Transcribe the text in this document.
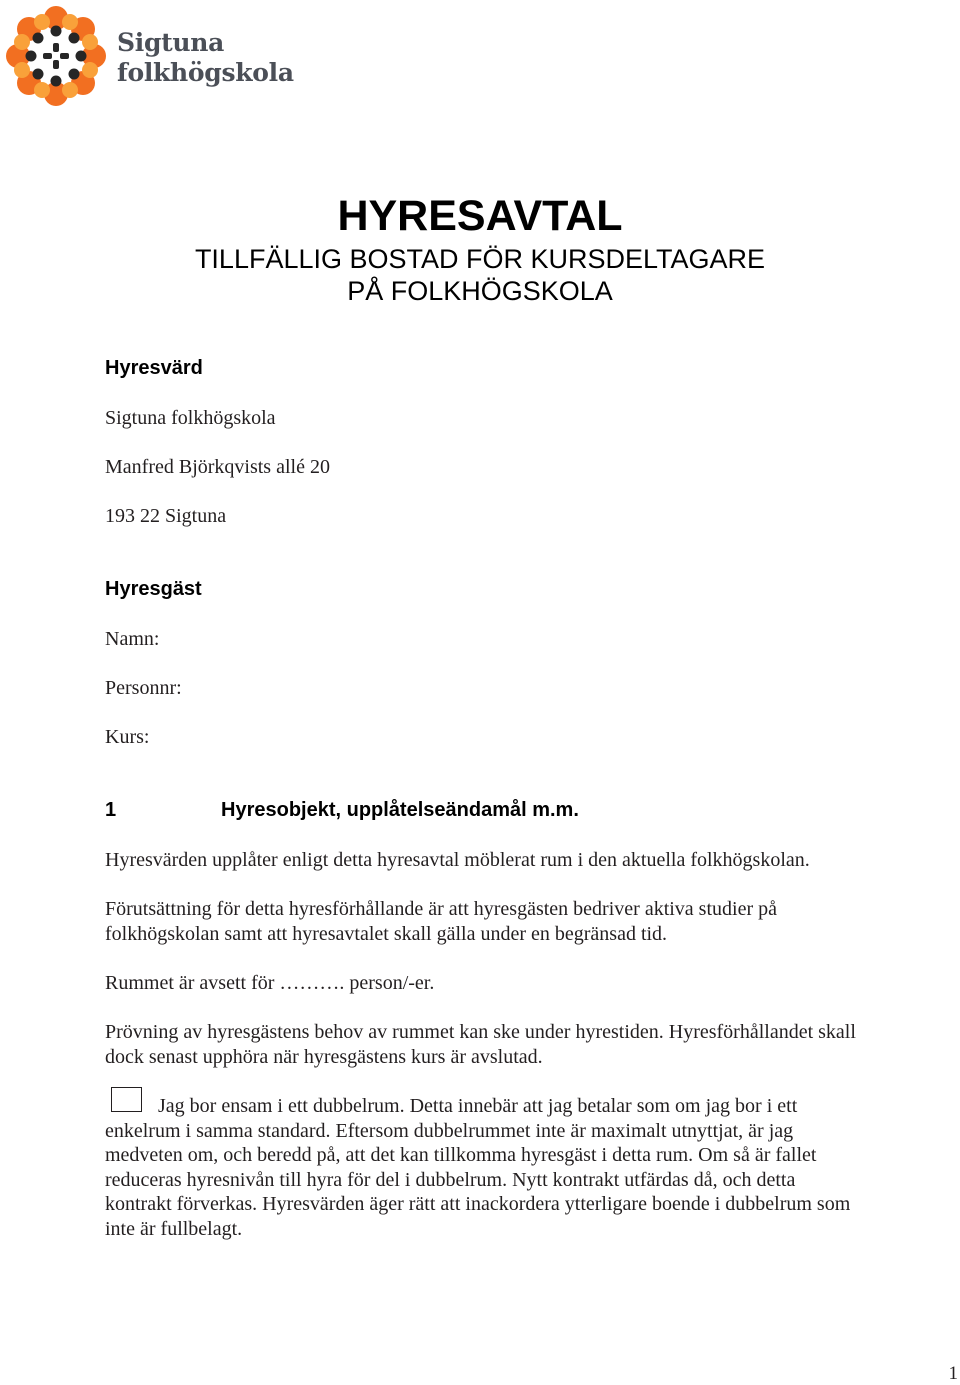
Sigtuna
folkhögskola
HYRESAVTAL
TILLFÄLLIG BOSTAD FÖR KURSDELTAGARE
PÅ FOLKHÖGSKOLA
Hyresvärd
Sigtuna folkhögskola
Manfred Björkqvists allé 20
193 22 Sigtuna
Hyresgäst
Namn:
Personnr:
Kurs:
1	Hyresobjekt, upplåtelseändamål m.m.
Hyresvärden upplåter enligt detta hyresavtal möblerat rum i den aktuella folkhögskolan.
Förutsättning för detta hyresförhållande är att hyresgästen bedriver aktiva studier på folkhögskolan samt att hyresavtalet skall gälla under en begränsad tid.
Rummet är avsett för ………. person/-er.
Prövning av hyresgästens behov av rummet kan ske under hyrestiden. Hyresförhållandet skall dock senast upphöra när hyresgästens kurs är avslutad.
Jag bor ensam i ett dubbelrum. Detta innebär att jag betalar som om jag bor i ett enkelrum i samma standard. Eftersom dubbelrummet inte är maximalt utnyttjat, är jag medveten om, och beredd på, att det kan tillkomma hyresgäst i detta rum. Om så är fallet reduceras hyresnivån till hyra för del i dubbelrum. Nytt kontrakt utfärdas då, och detta kontrakt förverkas. Hyresvärden äger rätt att inackordera ytterligare boende i dubbelrum som inte är fullbelagt.
1
